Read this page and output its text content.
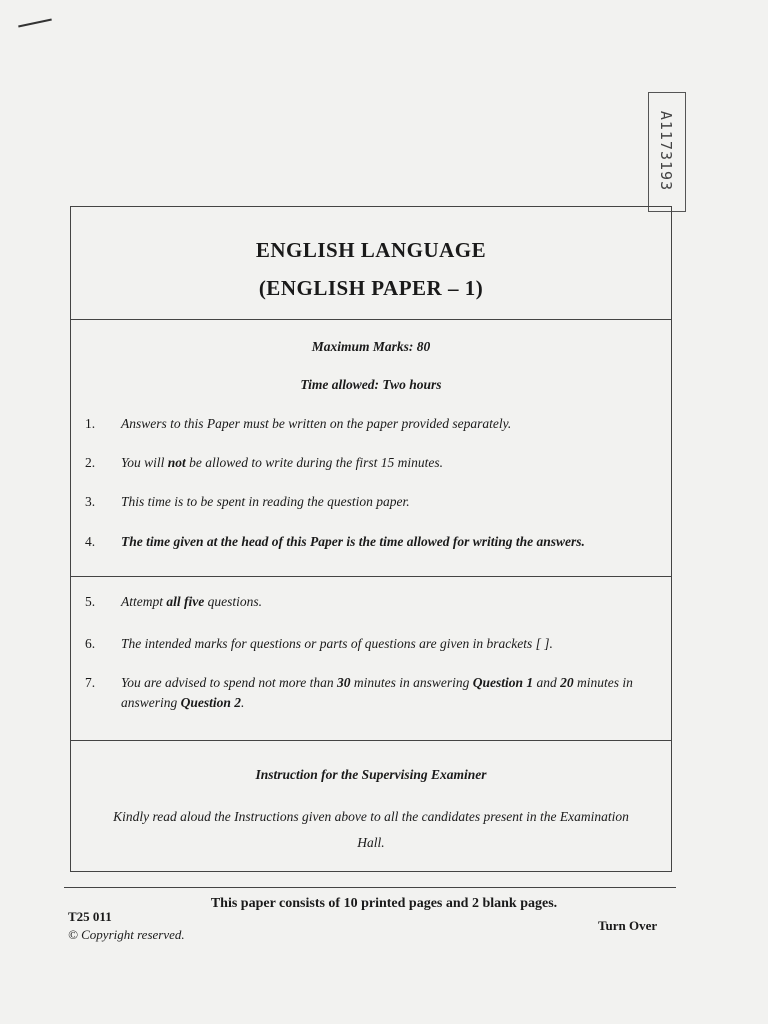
A1173193
ENGLISH LANGUAGE
(ENGLISH PAPER – 1)
Maximum Marks: 80
Time allowed: Two hours
1.	Answers to this Paper must be written on the paper provided separately.
2.	You will not be allowed to write during the first 15 minutes.
3.	This time is to be spent in reading the question paper.
4.	The time given at the head of this Paper is the time allowed for writing the answers.
5.	Attempt all five questions.
6.	The intended marks for questions or parts of questions are given in brackets [ ].
7.	You are advised to spend not more than 30 minutes in answering Question 1 and 20 minutes in answering Question 2.
Instruction for the Supervising Examiner
Kindly read aloud the Instructions given above to all the candidates present in the Examination Hall.
This paper consists of 10 printed pages and 2 blank pages.
T25 011
© Copyright reserved.
Turn Over
